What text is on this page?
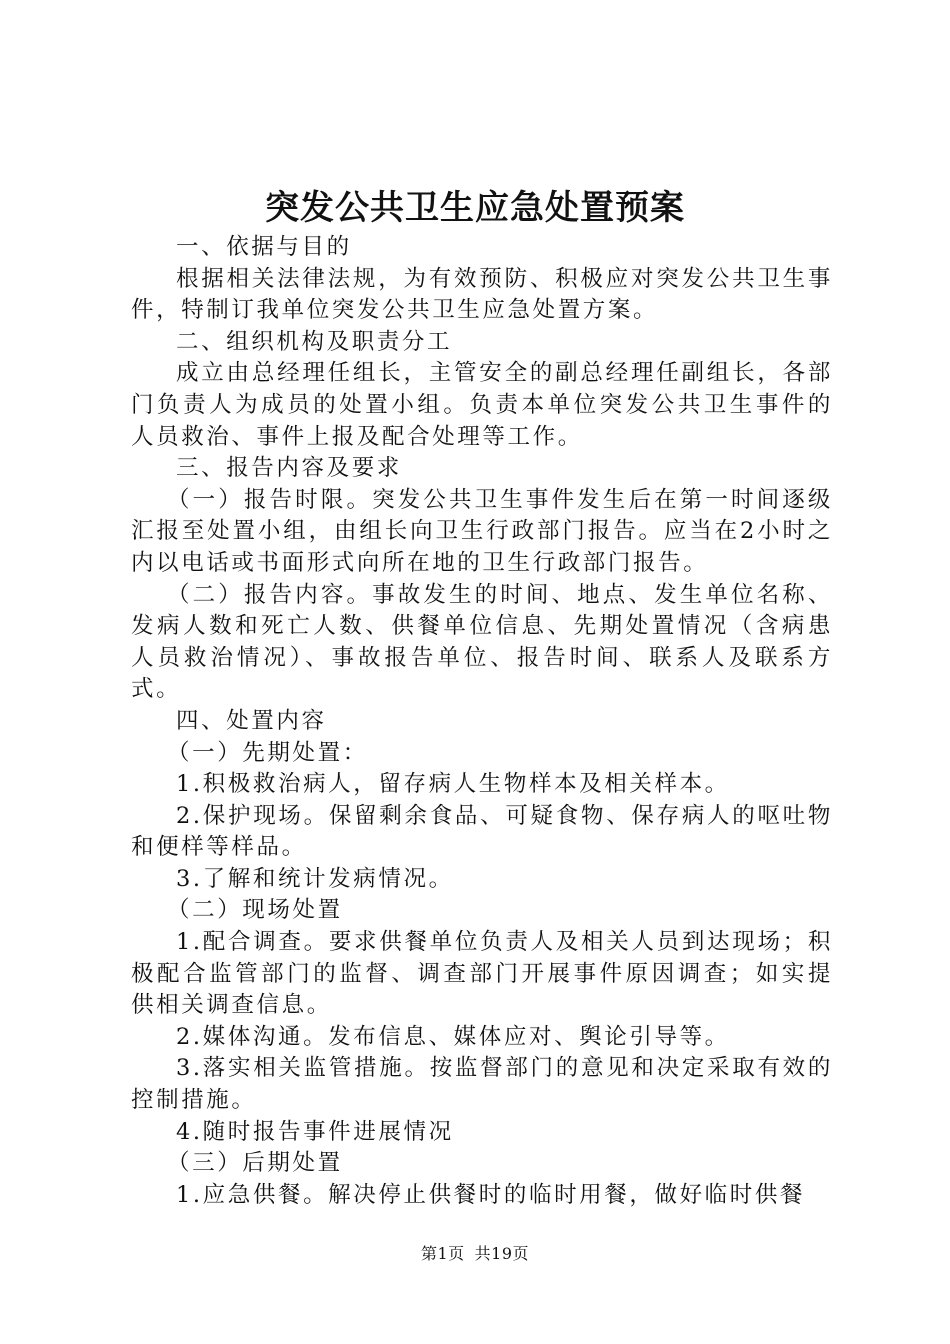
突发公共卫生应急处置预案

一、依据与目的

根据相关法律法规，为有效预防、积极应对突发公共卫生事件，特制订我单位突发公共卫生应急处置方案。

二、组织机构及职责分工

成立由总经理任组长，主管安全的副总经理任副组长，各部门负责人为成员的处置小组。负责本单位突发公共卫生事件的人员救治、事件上报及配合处理等工作。

三、报告内容及要求

（一）报告时限。突发公共卫生事件发生后在第一时间逐级汇报至处置小组，由组长向卫生行政部门报告。应当在2小时之内以电话或书面形式向所在地的卫生行政部门报告。

（二）报告内容。事故发生的时间、地点、发生单位名称、发病人数和死亡人数、供餐单位信息、先期处置情况（含病患人员救治情况）、事故报告单位、报告时间、联系人及联系方式。

四、处置内容

（一）先期处置：

1.积极救治病人，留存病人生物样本及相关样本。

2.保护现场。保留剩余食品、可疑食物、保存病人的呕吐物和便样等样品。

3.了解和统计发病情况。

（二）现场处置

1.配合调查。要求供餐单位负责人及相关人员到达现场；积极配合监管部门的监督、调查部门开展事件原因调查；如实提供相关调查信息。

2.媒体沟通。发布信息、媒体应对、舆论引导等。

3.落实相关监管措施。按监督部门的意见和决定采取有效的控制措施。

4.随时报告事件进展情况

（三）后期处置

1.应急供餐。解决停止供餐时的临时用餐，做好临时供餐

第1页 共19页
